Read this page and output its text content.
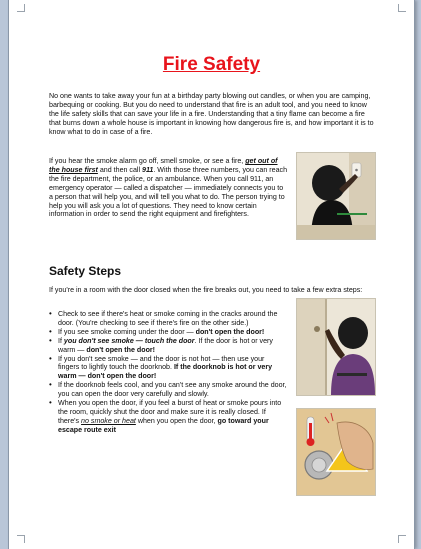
Fire Safety
No one wants to take away your fun at a birthday party blowing out candles, or when you are camping, barbequing or cooking. But you do need to understand that fire is an adult tool, and you need to know the life safety skills that can save your life in a fire. Understanding that a tiny flame can become a fire that burns down a whole house is important in knowing how dangerous fire is, and how important it is to know what to do in case of a fire.
If you hear the smoke alarm go off, smell smoke, or see a fire, get out of the house first and then call 911. With those three numbers, you can reach the fire department, the police, or an ambulance. When you call 911, an emergency operator — called a dispatcher — immediately connects you to a person that will help you, and will tell you what to do. The person trying to help you will ask you a lot of questions. They need to know certain information in order to send the right equipment and firefighters.
Safety Steps
If you're in a room with the door closed when the fire breaks out, you need to take a few extra steps:
• Check to see if there's heat or smoke coming in the cracks around the door. (You're checking to see if there's fire on the other side.)
• If you see smoke coming under the door — don't open the door!
• If you don't see smoke — touch the door. If the door is hot or very warm — don't open the door!
• If you don't see smoke — and the door is not hot — then use your fingers to lightly touch the doorknob. If the doorknob is hot or very warm — don't open the door!
• If the doorknob feels cool, and you can't see any smoke around the door, you can open the door very carefully and slowly.
• When you open the door, if you feel a burst of heat or smoke pours into the room, quickly shut the door and make sure it is really closed. If there's no smoke or heat when you open the door, go toward your escape route exit
